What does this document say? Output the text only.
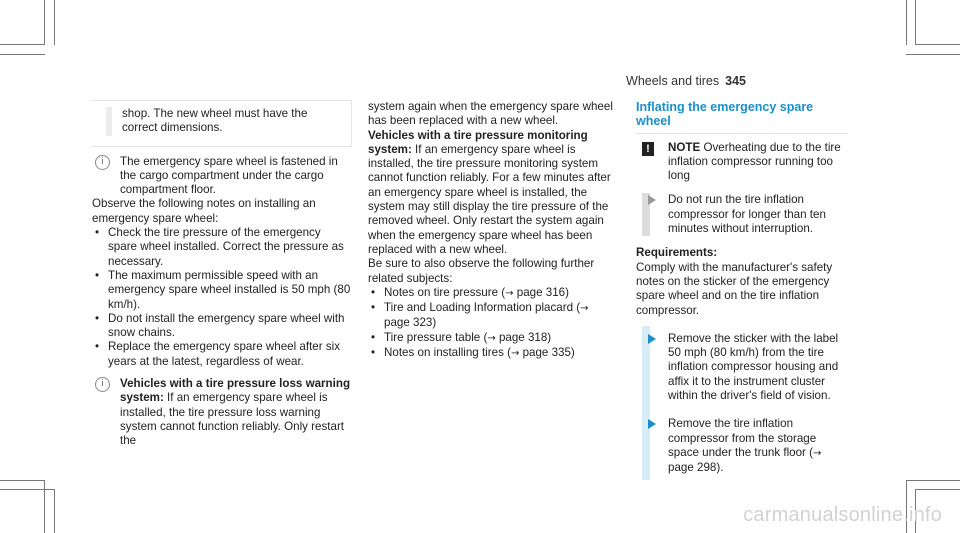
Wheels and tires 345
shop. The new wheel must have the correct dimensions.
i	The emergency spare wheel is fastened in the cargo compartment under the cargo compartment floor.
Observe the following notes on installing an emergency spare wheel:
• Check the tire pressure of the emergency spare wheel installed. Correct the pressure as necessary.
• The maximum permissible speed with an emergency spare wheel installed is 50 mph (80 km/h).
• Do not install the emergency spare wheel with snow chains.
• Replace the emergency spare wheel after six years at the latest, regardless of wear.
i	Vehicles with a tire pressure loss warning system: If an emergency spare wheel is installed, the tire pressure loss warning system cannot function reliably. Only restart the
system again when the emergency spare wheel has been replaced with a new wheel.
Vehicles with a tire pressure monitoring system: If an emergency spare wheel is installed, the tire pressure monitoring system cannot function reliably. For a few minutes after an emergency spare wheel is installed, the system may still display the tire pressure of the removed wheel. Only restart the system again when the emergency spare wheel has been replaced with a new wheel.
Be sure to also observe the following further related subjects:
• Notes on tire pressure (→ page 316)
• Tire and Loading Information placard (→ page 323)
• Tire pressure table (→ page 318)
• Notes on installing tires (→ page 335)
Inflating the emergency spare wheel
!	NOTE Overheating due to the tire inflation compressor running too long
Do not run the tire inflation compressor for longer than ten minutes without interruption.
Requirements:
Comply with the manufacturer's safety notes on the sticker of the emergency spare wheel and on the tire inflation compressor.
Remove the sticker with the label 50 mph (80 km/h) from the tire inflation compressor housing and affix it to the instrument cluster within the driver's field of vision.
Remove the tire inflation compressor from the storage space under the trunk floor (→ page 298).
carmanualsonline.info
